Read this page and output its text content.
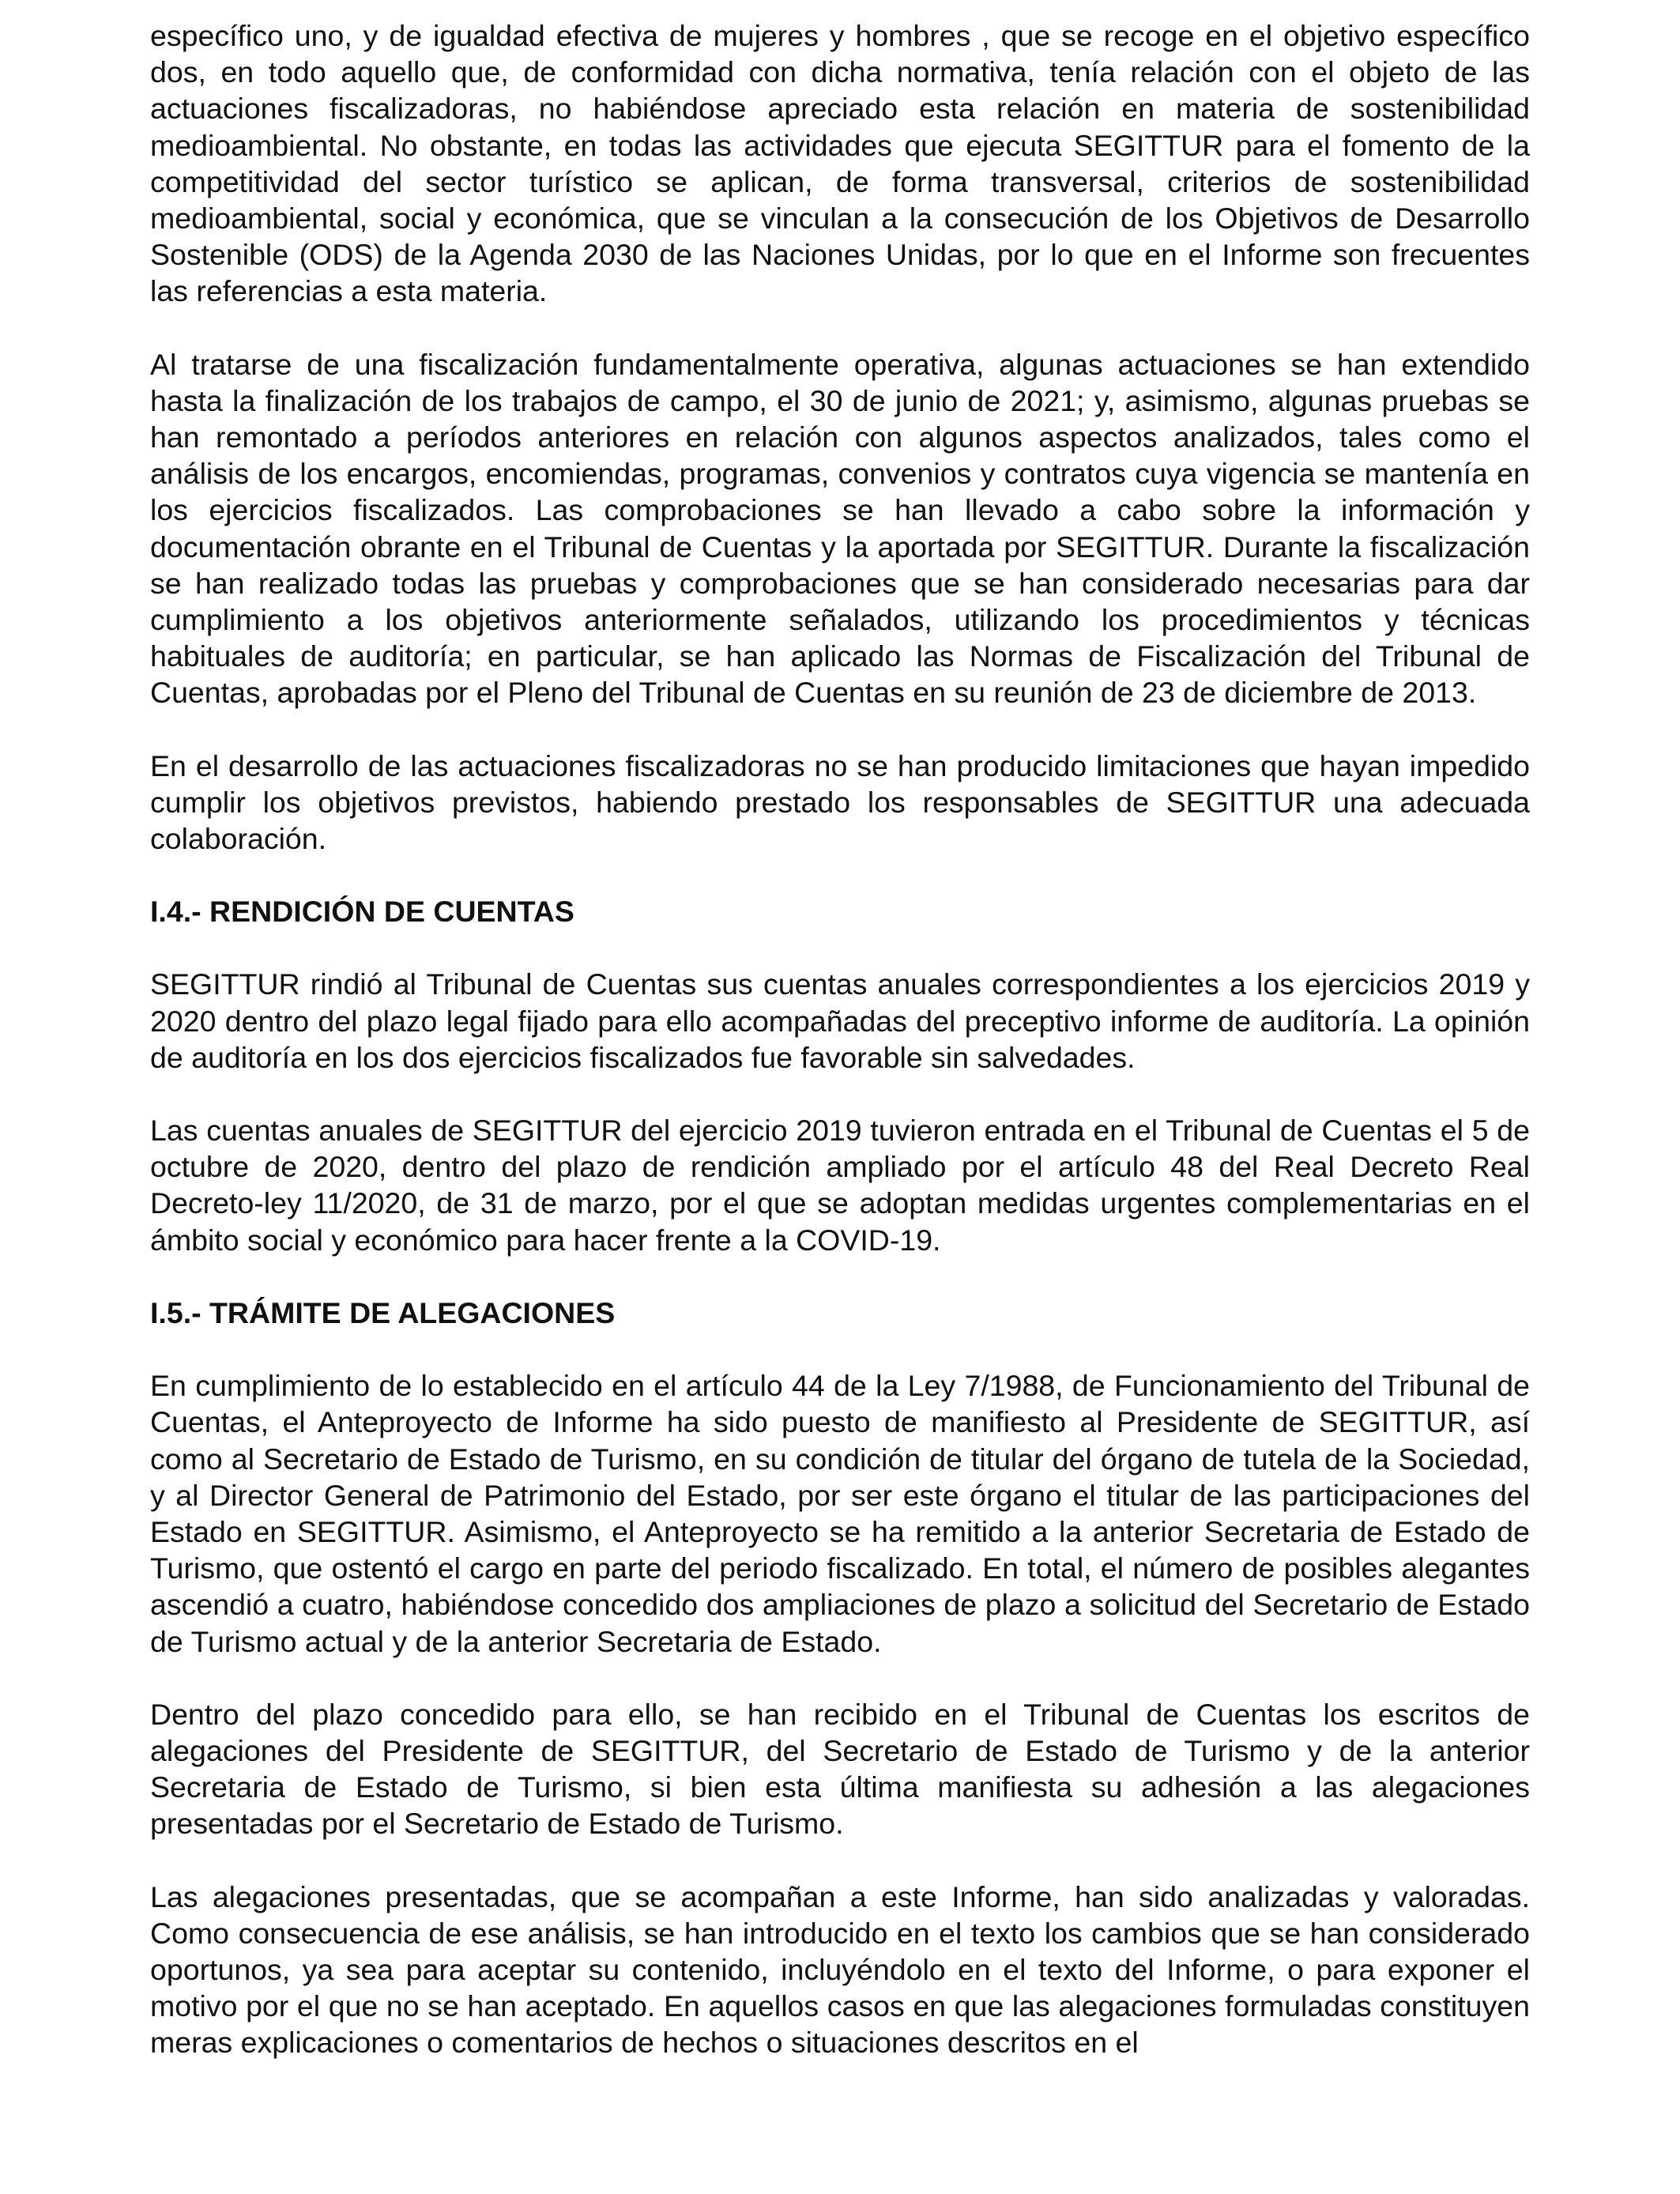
específico uno, y de igualdad efectiva de mujeres y hombres , que se recoge en el objetivo específico dos, en todo aquello que, de conformidad con dicha normativa, tenía relación con el objeto de las actuaciones fiscalizadoras, no habiéndose apreciado esta relación en materia de sostenibilidad medioambiental. No obstante, en todas las actividades que ejecuta SEGITTUR para el fomento de la competitividad del sector turístico se aplican, de forma transversal, criterios de sostenibilidad medioambiental, social y económica, que se vinculan a la consecución de los Objetivos de Desarrollo Sostenible (ODS) de la Agenda 2030 de las Naciones Unidas, por lo que en el Informe son frecuentes las referencias a esta materia.

Al tratarse de una fiscalización fundamentalmente operativa, algunas actuaciones se han extendido hasta la finalización de los trabajos de campo, el 30 de junio de 2021; y, asimismo, algunas pruebas se han remontado a períodos anteriores en relación con algunos aspectos analizados, tales como el análisis de los encargos, encomiendas, programas, convenios y contratos cuya vigencia se mantenía en los ejercicios fiscalizados. Las comprobaciones se han llevado a cabo sobre la información y documentación obrante en el Tribunal de Cuentas y la aportada por SEGITTUR. Durante la fiscalización se han realizado todas las pruebas y comprobaciones que se han considerado necesarias para dar cumplimiento a los objetivos anteriormente señalados, utilizando los procedimientos y técnicas habituales de auditoría; en particular, se han aplicado las Normas de Fiscalización del Tribunal de Cuentas, aprobadas por el Pleno del Tribunal de Cuentas en su reunión de 23 de diciembre de 2013.

En el desarrollo de las actuaciones fiscalizadoras no se han producido limitaciones que hayan impedido cumplir los objetivos previstos, habiendo prestado los responsables de SEGITTUR una adecuada colaboración.

I.4.- RENDICIÓN DE CUENTAS

SEGITTUR rindió al Tribunal de Cuentas sus cuentas anuales correspondientes a los ejercicios 2019 y 2020 dentro del plazo legal fijado para ello acompañadas del preceptivo informe de auditoría. La opinión de auditoría en los dos ejercicios fiscalizados fue favorable sin salvedades.

Las cuentas anuales de SEGITTUR del ejercicio 2019 tuvieron entrada en el Tribunal de Cuentas el 5 de octubre de 2020, dentro del plazo de rendición ampliado por el artículo 48 del Real Decreto Real Decreto-ley 11/2020, de 31 de marzo, por el que se adoptan medidas urgentes complementarias en el ámbito social y económico para hacer frente a la COVID-19.

I.5.- TRÁMITE DE ALEGACIONES

En cumplimiento de lo establecido en el artículo 44 de la Ley 7/1988, de Funcionamiento del Tribunal de Cuentas, el Anteproyecto de Informe ha sido puesto de manifiesto al Presidente de SEGITTUR, así como al Secretario de Estado de Turismo, en su condición de titular del órgano de tutela de la Sociedad, y al Director General de Patrimonio del Estado, por ser este órgano el titular de las participaciones del Estado en SEGITTUR. Asimismo, el Anteproyecto se ha remitido a la anterior Secretaria de Estado de Turismo, que ostentó el cargo en parte del periodo fiscalizado. En total, el número de posibles alegantes ascendió a cuatro, habiéndose concedido dos ampliaciones de plazo a solicitud del Secretario de Estado de Turismo actual y de la anterior Secretaria de Estado.

Dentro del plazo concedido para ello, se han recibido en el Tribunal de Cuentas los escritos de alegaciones del Presidente de SEGITTUR, del Secretario de Estado de Turismo y de la anterior Secretaria de Estado de Turismo, si bien esta última manifiesta su adhesión a las alegaciones presentadas por el Secretario de Estado de Turismo.

Las alegaciones presentadas, que se acompañan a este Informe, han sido analizadas y valoradas. Como consecuencia de ese análisis, se han introducido en el texto los cambios que se han considerado oportunos, ya sea para aceptar su contenido, incluyéndolo en el texto del Informe, o para exponer el motivo por el que no se han aceptado. En aquellos casos en que las alegaciones formuladas constituyen meras explicaciones o comentarios de hechos o situaciones descritos en el
